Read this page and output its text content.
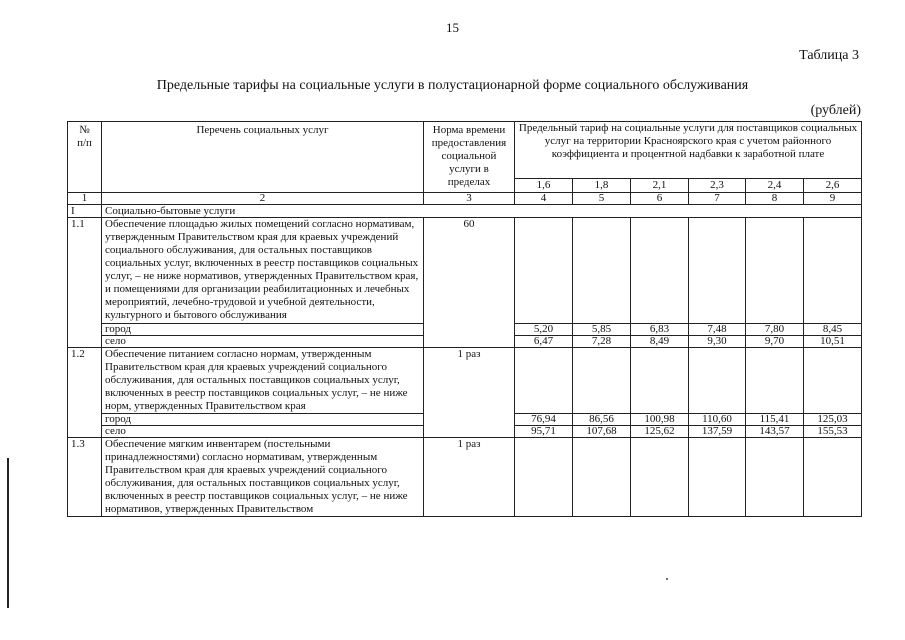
15
Таблица 3
Предельные тарифы на социальные услуги в полустационарной форме социального обслуживания
(рублей)
№
п/п	Перечень социальных услуг	Норма времени предоставления социальной услуги в пределах	Предельный тариф на социальные услуги для поставщиков социальных услуг на территории Красноярского края с учетом районного коэффициента и процентной надбавки к заработной плате					
			1,6	1,8	2,1	2,3	2,4	2,6
1	2	3	4	5	6	7	8	9
I	Социально-бытовые услуги							
1.1	Обеспечение площадью жилых помещений согласно нормативам, утвержденным Правительством края для краевых учреждений социального обслуживания, для остальных поставщиков социальных услуг, включенных в реестр поставщиков социальных услуг, – не ниже нормативов, утвержденных Правительством края, и помещениями для организации реабилитационных и лечебных мероприятий, лечебно-трудовой и учебной деятельности, культурного и бытового обслуживания	60						
	город		5,20	5,85	6,83	7,48	7,80	8,45
	село		6,47	7,28	8,49	9,30	9,70	10,51
1.2	Обеспечение питанием согласно нормам, утвержденным Правительством края для краевых учреждений социального обслуживания, для остальных поставщиков социальных услуг, включенных в реестр поставщиков социальных услуг, – не ниже норм, утвержденных Правительством края	1 раз						
	город		76,94	86,56	100,98	110,60	115,41	125,03
	село		95,71	107,68	125,62	137,59	143,57	155,53
1.3	Обеспечение мягким инвентарем (постельными принадлежностями) согласно нормативам, утвержденным Правительством края для краевых учреждений социального обслуживания, для остальных поставщиков социальных услуг, включенных в реестр поставщиков социальных услуг, – не ниже нормативов, утвержденных Правительством	1 раз						
